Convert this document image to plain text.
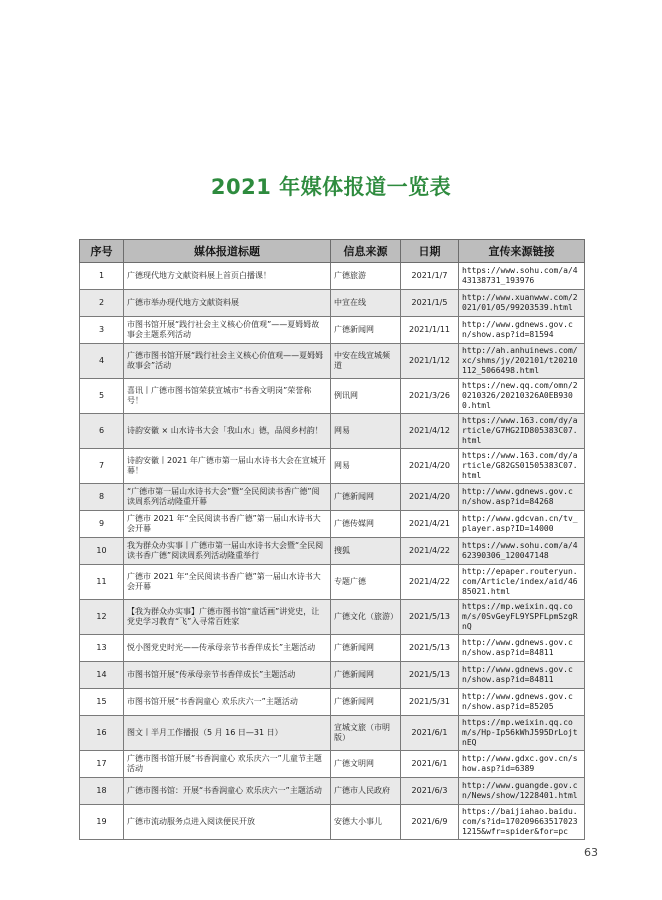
2021 年媒体报道一览表
序号	媒体报道标题	信息来源	日期	宣传来源链接
1	广德现代地方文献资料展上首页白播课！	广德旅游	2021/1/7	https://www.sohu.com/a/443138731_193976
2	广德市举办现代地方文献资料展	中宣在线	2021/1/5	http://www.xuanwww.com/2021/01/05/99203539.html
3	市图书馆开展“践行社会主义核心价值观”——夏姆姆故事会主题系列活动	广德新闻网	2021/1/11	http://www.gdnews.gov.cn/show.asp?id=81594
4	广德市图书馆开展“践行社会主义核心价值观——夏姆姆故事会”活动	中安在线宣城频道	2021/1/12	http://ah.anhuinews.com/xc/shms/jy/202101/t20210112_5066498.html
5	喜讯丨广德市图书馆荣获宣城市“书香文明岗”荣誉称号！	例讯网	2021/3/26	https://new.qq.com/omn/20210326/20210326A0EB9300.html
6	诗韵安徽 × 山水诗书大会「我山水」德，品阅乡村韵！	网易	2021/4/12	https://www.163.com/dy/article/G7HG2ID805383C07.html
7	诗韵安徽丨2021 年广德市第一届山水诗书大会在宣城开幕！	网易	2021/4/20	https://www.163.com/dy/article/G82GS01505383C07.html
8	“广德市第一届山水诗书大会”暨“全民阅读书香广德”阅读周系列活动隆重开幕	广德新闻网	2021/4/20	http://www.gdnews.gov.cn/show.asp?id=84268
9	广德市 2021 年“全民阅读书香广德”第一届山水诗书大会开幕	广德传媒网	2021/4/21	http://www.gdcvan.cn/tv_player.asp?ID=14000
10	我为群众办实事丨广德市第一届山水诗书大会暨“全民阅读书香广德”阅读周系列活动隆重举行	搜狐	2021/4/22	https://www.sohu.com/a/462390306_120047148
11	广德市 2021 年“全民阅读书香广德”第一届山水诗书大会开幕	专题广德	2021/4/22	http://epaper.routeryun.com/Article/index/aid/4685021.html
12	【我为群众办实事】广德市图书馆“童话画”讲党史，让党史学习教育“飞”入寻常百姓家	广德文化（旅游）	2021/5/13	https://mp.weixin.qq.com/s/0SvGeyFL9YSPFLpmSzgRnQ
13	悦小图党史时光——传承母亲节书香伴成长”主题活动	广德新闻网	2021/5/13	http://www.gdnews.gov.cn/show.asp?id=84811
14	市图书馆开展“传承母亲节书香伴成长”主题活动	广德新闻网	2021/5/13	http://www.gdnews.gov.cn/show.asp?id=84811
15	市图书馆开展“书香润童心 欢乐庆六一”主题活动	广德新闻网	2021/5/31	http://www.gdnews.gov.cn/show.asp?id=85205
16	图文丨半月工作播报（5 月 16 日—31 日）	宣城文旅（市明版）	2021/6/1	https://mp.weixin.qq.com/s/Hp-Ip56kWhJ595DrLojtnEQ
17	广德市图书馆开展“书香润童心 欢乐庆六一”儿童节主题活动	广德文明网	2021/6/1	http://www.gdxc.gov.cn/show.asp?id=6389
18	广德市图书馆：开展“书香润童心 欢乐庆六一”主题活动	广德市人民政府	2021/6/3	http://www.guangde.gov.cn/News/show/1228401.html
19	广德市流动服务点进入阅读便民开放	安德大小事儿	2021/6/9	https://baijiahao.baidu.com/s?id=1702096635170231215&wfr=spider&for=pc
63
